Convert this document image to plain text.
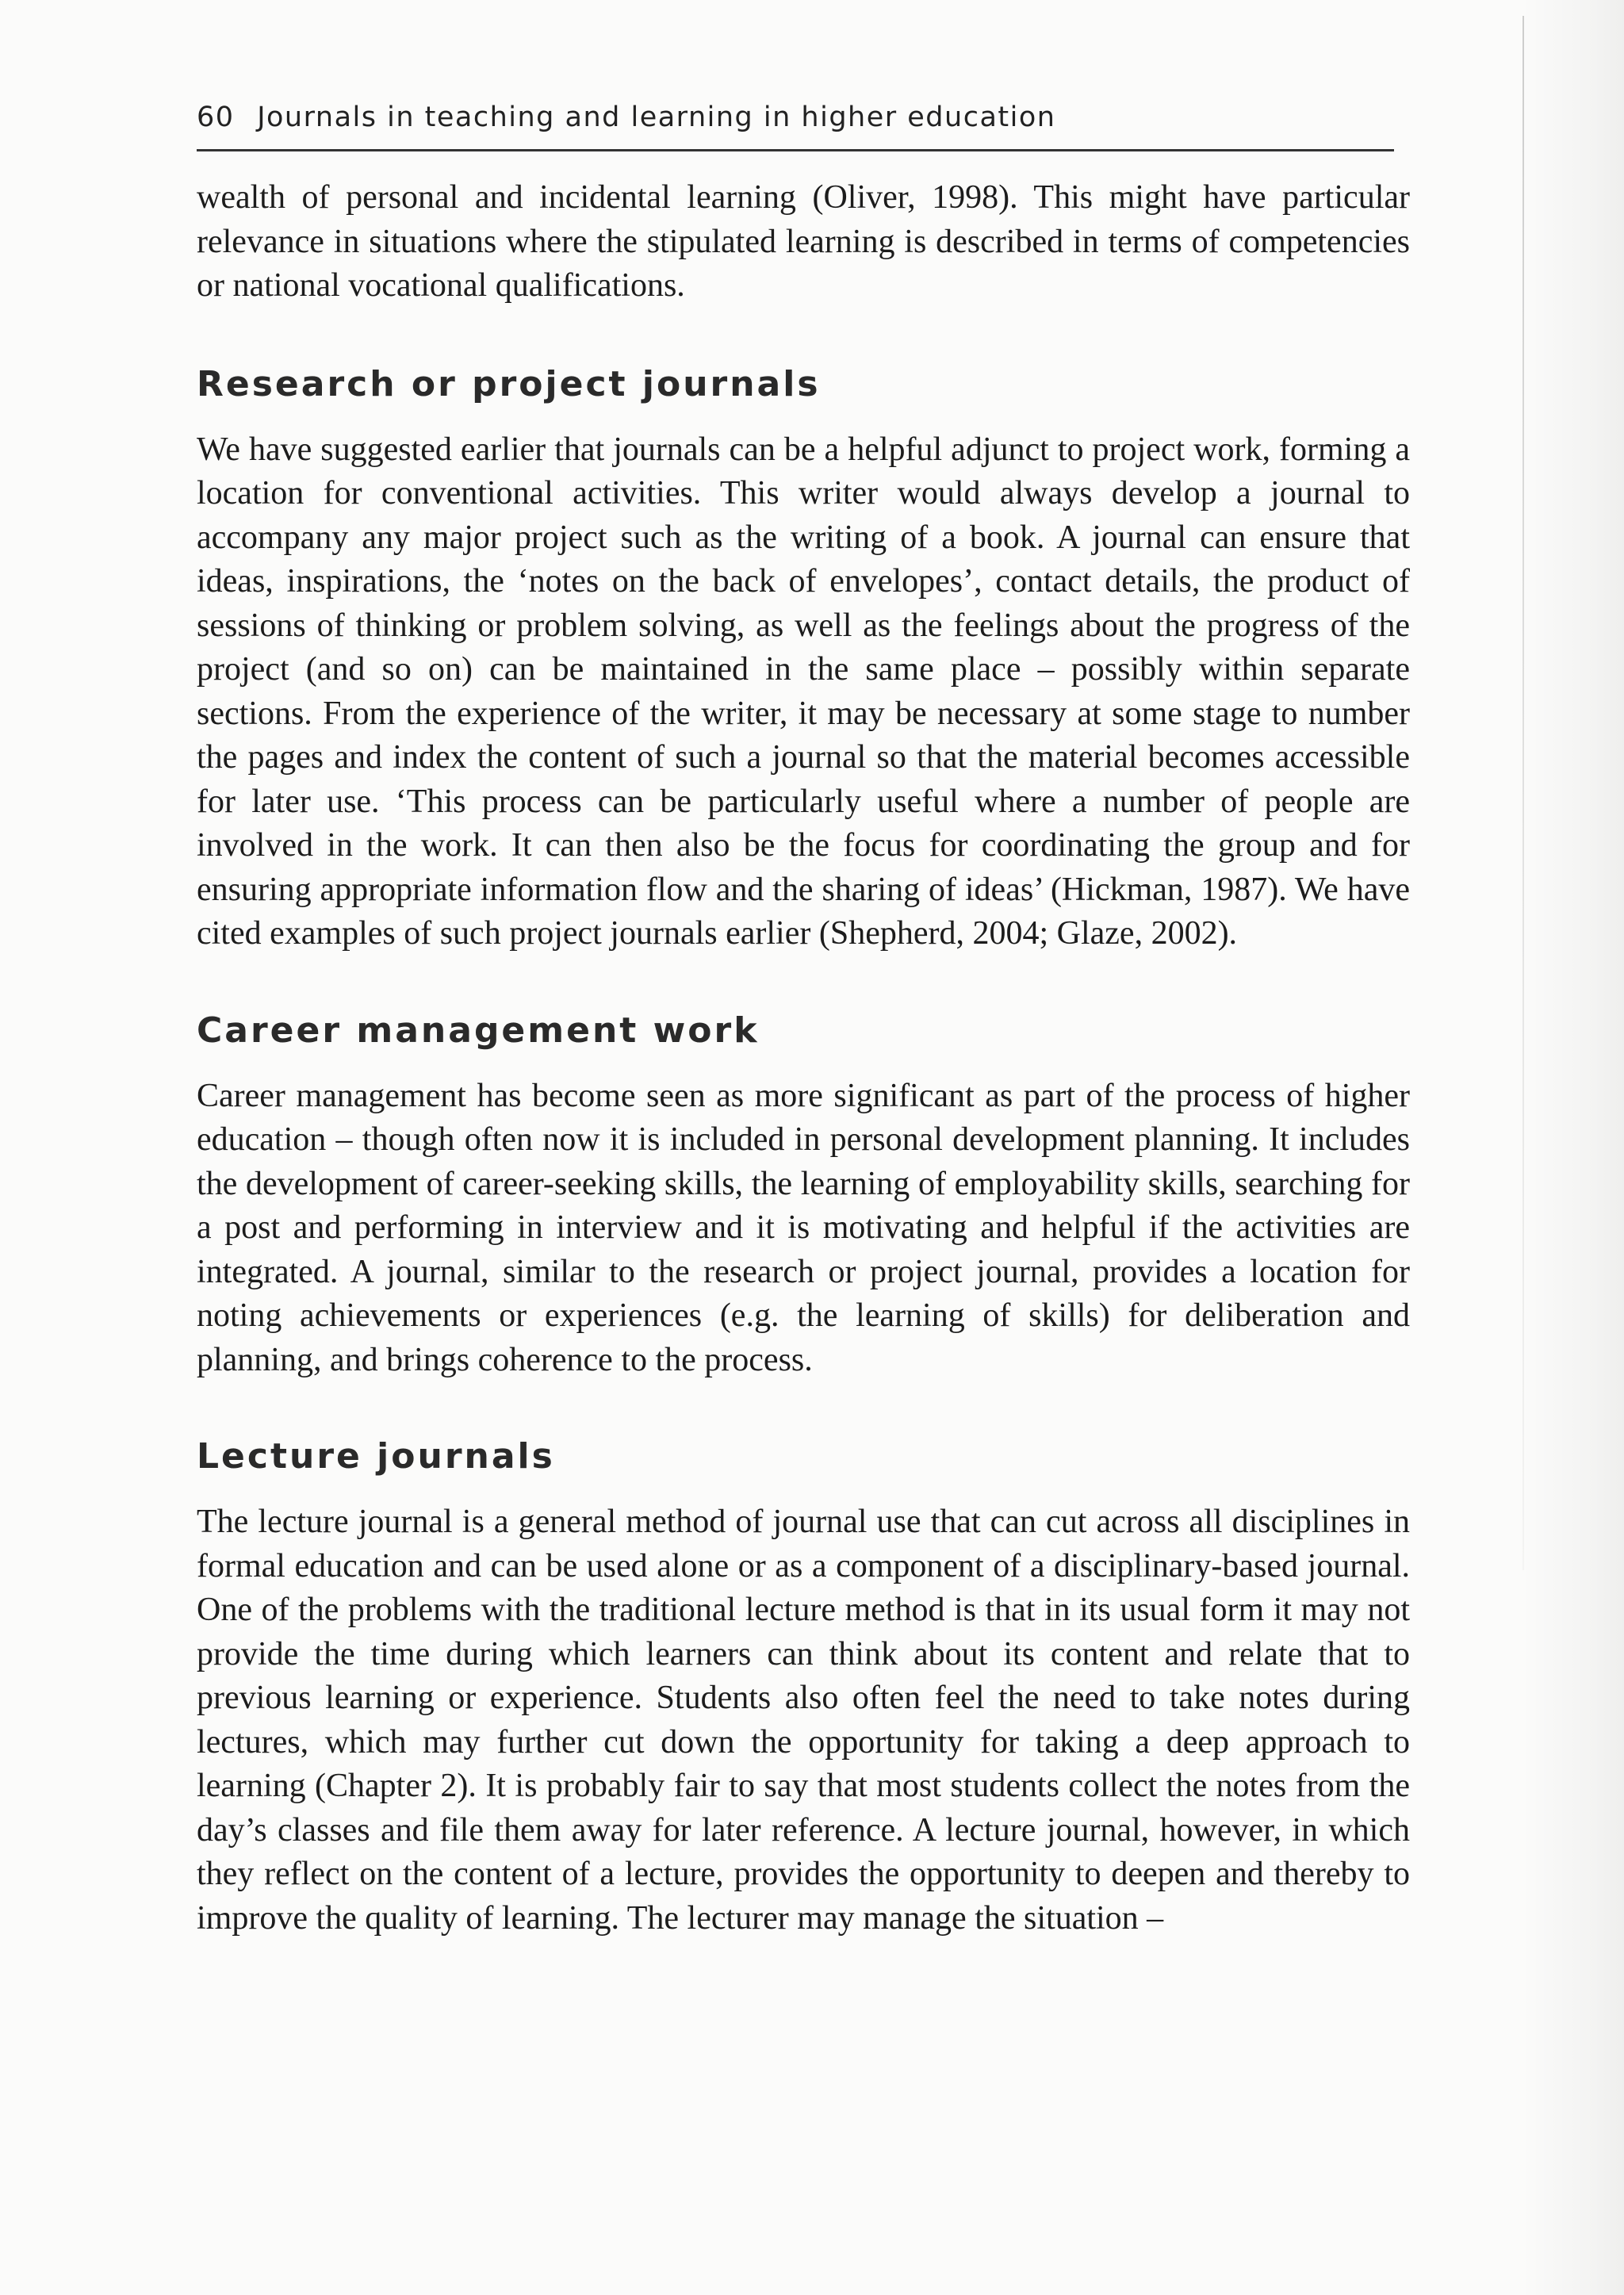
60 Journals in teaching and learning in higher education

wealth of personal and incidental learning (Oliver, 1998). This might have particular relevance in situations where the stipulated learning is described in terms of competencies or national vocational qualifications.

Research or project journals

We have suggested earlier that journals can be a helpful adjunct to project work, forming a location for conventional activities. This writer would always develop a journal to accompany any major project such as the writing of a book. A journal can ensure that ideas, inspirations, the ‘notes on the back of envelopes’, contact details, the product of sessions of thinking or problem solving, as well as the feelings about the progress of the project (and so on) can be maintained in the same place – possibly within separate sections. From the experience of the writer, it may be necessary at some stage to number the pages and index the content of such a journal so that the material becomes accessible for later use. ‘This process can be particularly useful where a number of people are involved in the work. It can then also be the focus for coordinating the group and for ensuring appropriate information flow and the sharing of ideas’ (Hickman, 1987). We have cited examples of such project journals earlier (Shepherd, 2004; Glaze, 2002).

Career management work

Career management has become seen as more significant as part of the process of higher education – though often now it is included in personal development planning. It includes the development of career-seeking skills, the learning of employability skills, searching for a post and performing in interview and it is motivating and helpful if the activities are integrated. A journal, similar to the research or project journal, provides a location for noting achievements or experiences (e.g. the learning of skills) for deliberation and planning, and brings coherence to the process.

Lecture journals

The lecture journal is a general method of journal use that can cut across all disciplines in formal education and can be used alone or as a component of a disciplinary-based journal. One of the problems with the traditional lecture method is that in its usual form it may not provide the time during which learners can think about its content and relate that to previous learning or experience. Students also often feel the need to take notes during lectures, which may further cut down the opportunity for taking a deep approach to learning (Chapter 2). It is probably fair to say that most students collect the notes from the day’s classes and file them away for later reference. A lecture journal, however, in which they reflect on the content of a lecture, provides the opportunity to deepen and thereby to improve the quality of learning. The lecturer may manage the situation –
